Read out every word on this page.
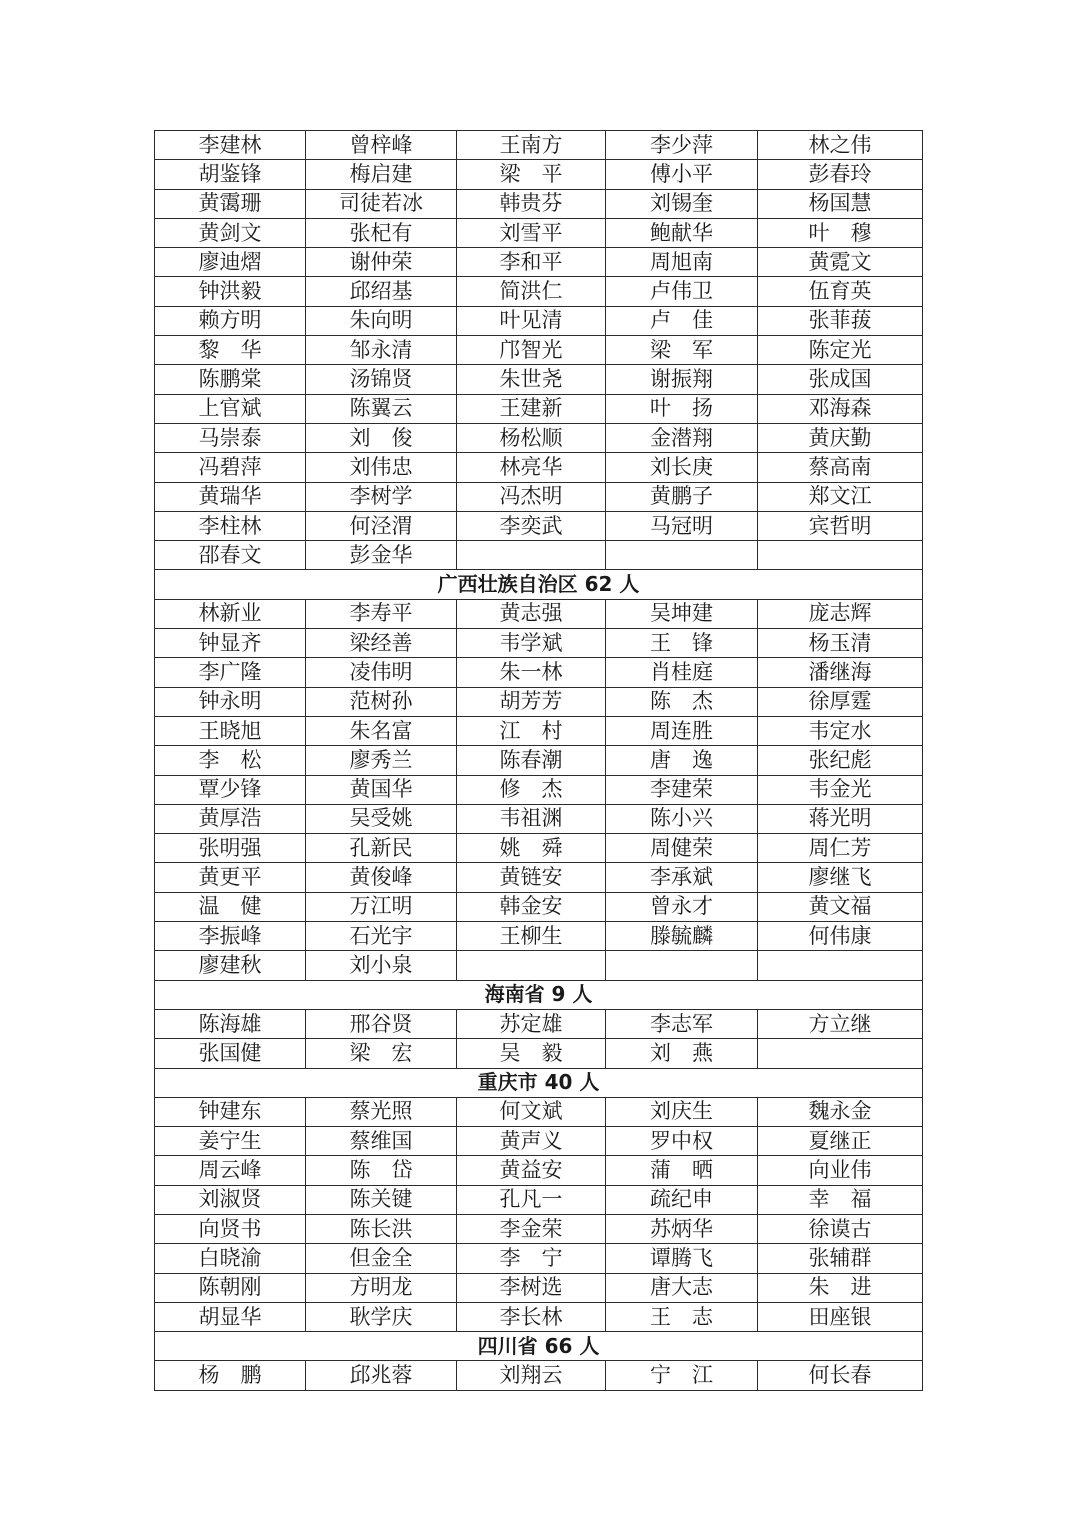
李建林	曾梓峰	王南方	李少萍	林之伟
胡鉴锋	梅启建	梁　平	傅小平	彭春玲
黄霭珊	司徒若冰	韩贵芬	刘锡奎	杨国慧
黄剑文	张杞有	刘雪平	鲍献华	叶　穆
廖迪熠	谢仲荣	李和平	周旭南	黄霓文
钟洪毅	邱绍基	简洪仁	卢伟卫	伍育英
赖方明	朱向明	叶见清	卢　佳	张菲菝
黎　华	邹永清	邝智光	梁　军	陈定光
陈鹏棠	汤锦贤	朱世尧	谢振翔	张成国
上官斌	陈翼云	王建新	叶　扬	邓海森
马崇泰	刘　俊	杨松顺	金潜翔	黄庆勤
冯碧萍	刘伟忠	林亮华	刘长庚	蔡高南
黄瑞华	李树学	冯杰明	黄鹏子	郑文江
李柱林	何泾渭	李奕武	马冠明	宾哲明
邵春文	彭金华			
广西壮族自治区 62 人				
林新业	李寿平	黄志强	吴坤建	庞志辉
钟显齐	梁经善	韦学斌	王　锋	杨玉清
李广隆	凌伟明	朱一林	肖桂庭	潘继海
钟永明	范树孙	胡芳芳	陈　杰	徐厚霆
王晓旭	朱名富	江　村	周连胜	韦定水
李　松	廖秀兰	陈春潮	唐　逸	张纪彪
覃少锋	黄国华	修　杰	李建荣	韦金光
黄厚浩	吴受姚	韦祖渊	陈小兴	蒋光明
张明强	孔新民	姚　舜	周健荣	周仁芳
黄更平	黄俊峰	黄链安	李承斌	廖继飞
温　健	万江明	韩金安	曾永才	黄文福
李振峰	石光宇	王柳生	滕毓麟	何伟康
廖建秋	刘小泉			
海南省 9 人				
陈海雄	邢谷贤	苏定雄	李志军	方立继
张国健	梁　宏	吴　毅	刘　燕	
重庆市 40 人				
钟建东	蔡光照	何文斌	刘庆生	魏永金
姜宁生	蔡维国	黄声义	罗中权	夏继正
周云峰	陈　岱	黄益安	蒲　晒	向业伟
刘淑贤	陈关键	孔凡一	疏纪申	幸　福
向贤书	陈长洪	李金荣	苏炳华	徐谟古
白晓渝	但金全	李　宁	谭腾飞	张辅群
陈朝刚	方明龙	李树选	唐大志	朱　进
胡显华	耿学庆	李长林	王　志	田座银
四川省 66 人				
杨　鹏	邱兆蓉	刘翔云	宁　江	何长春
